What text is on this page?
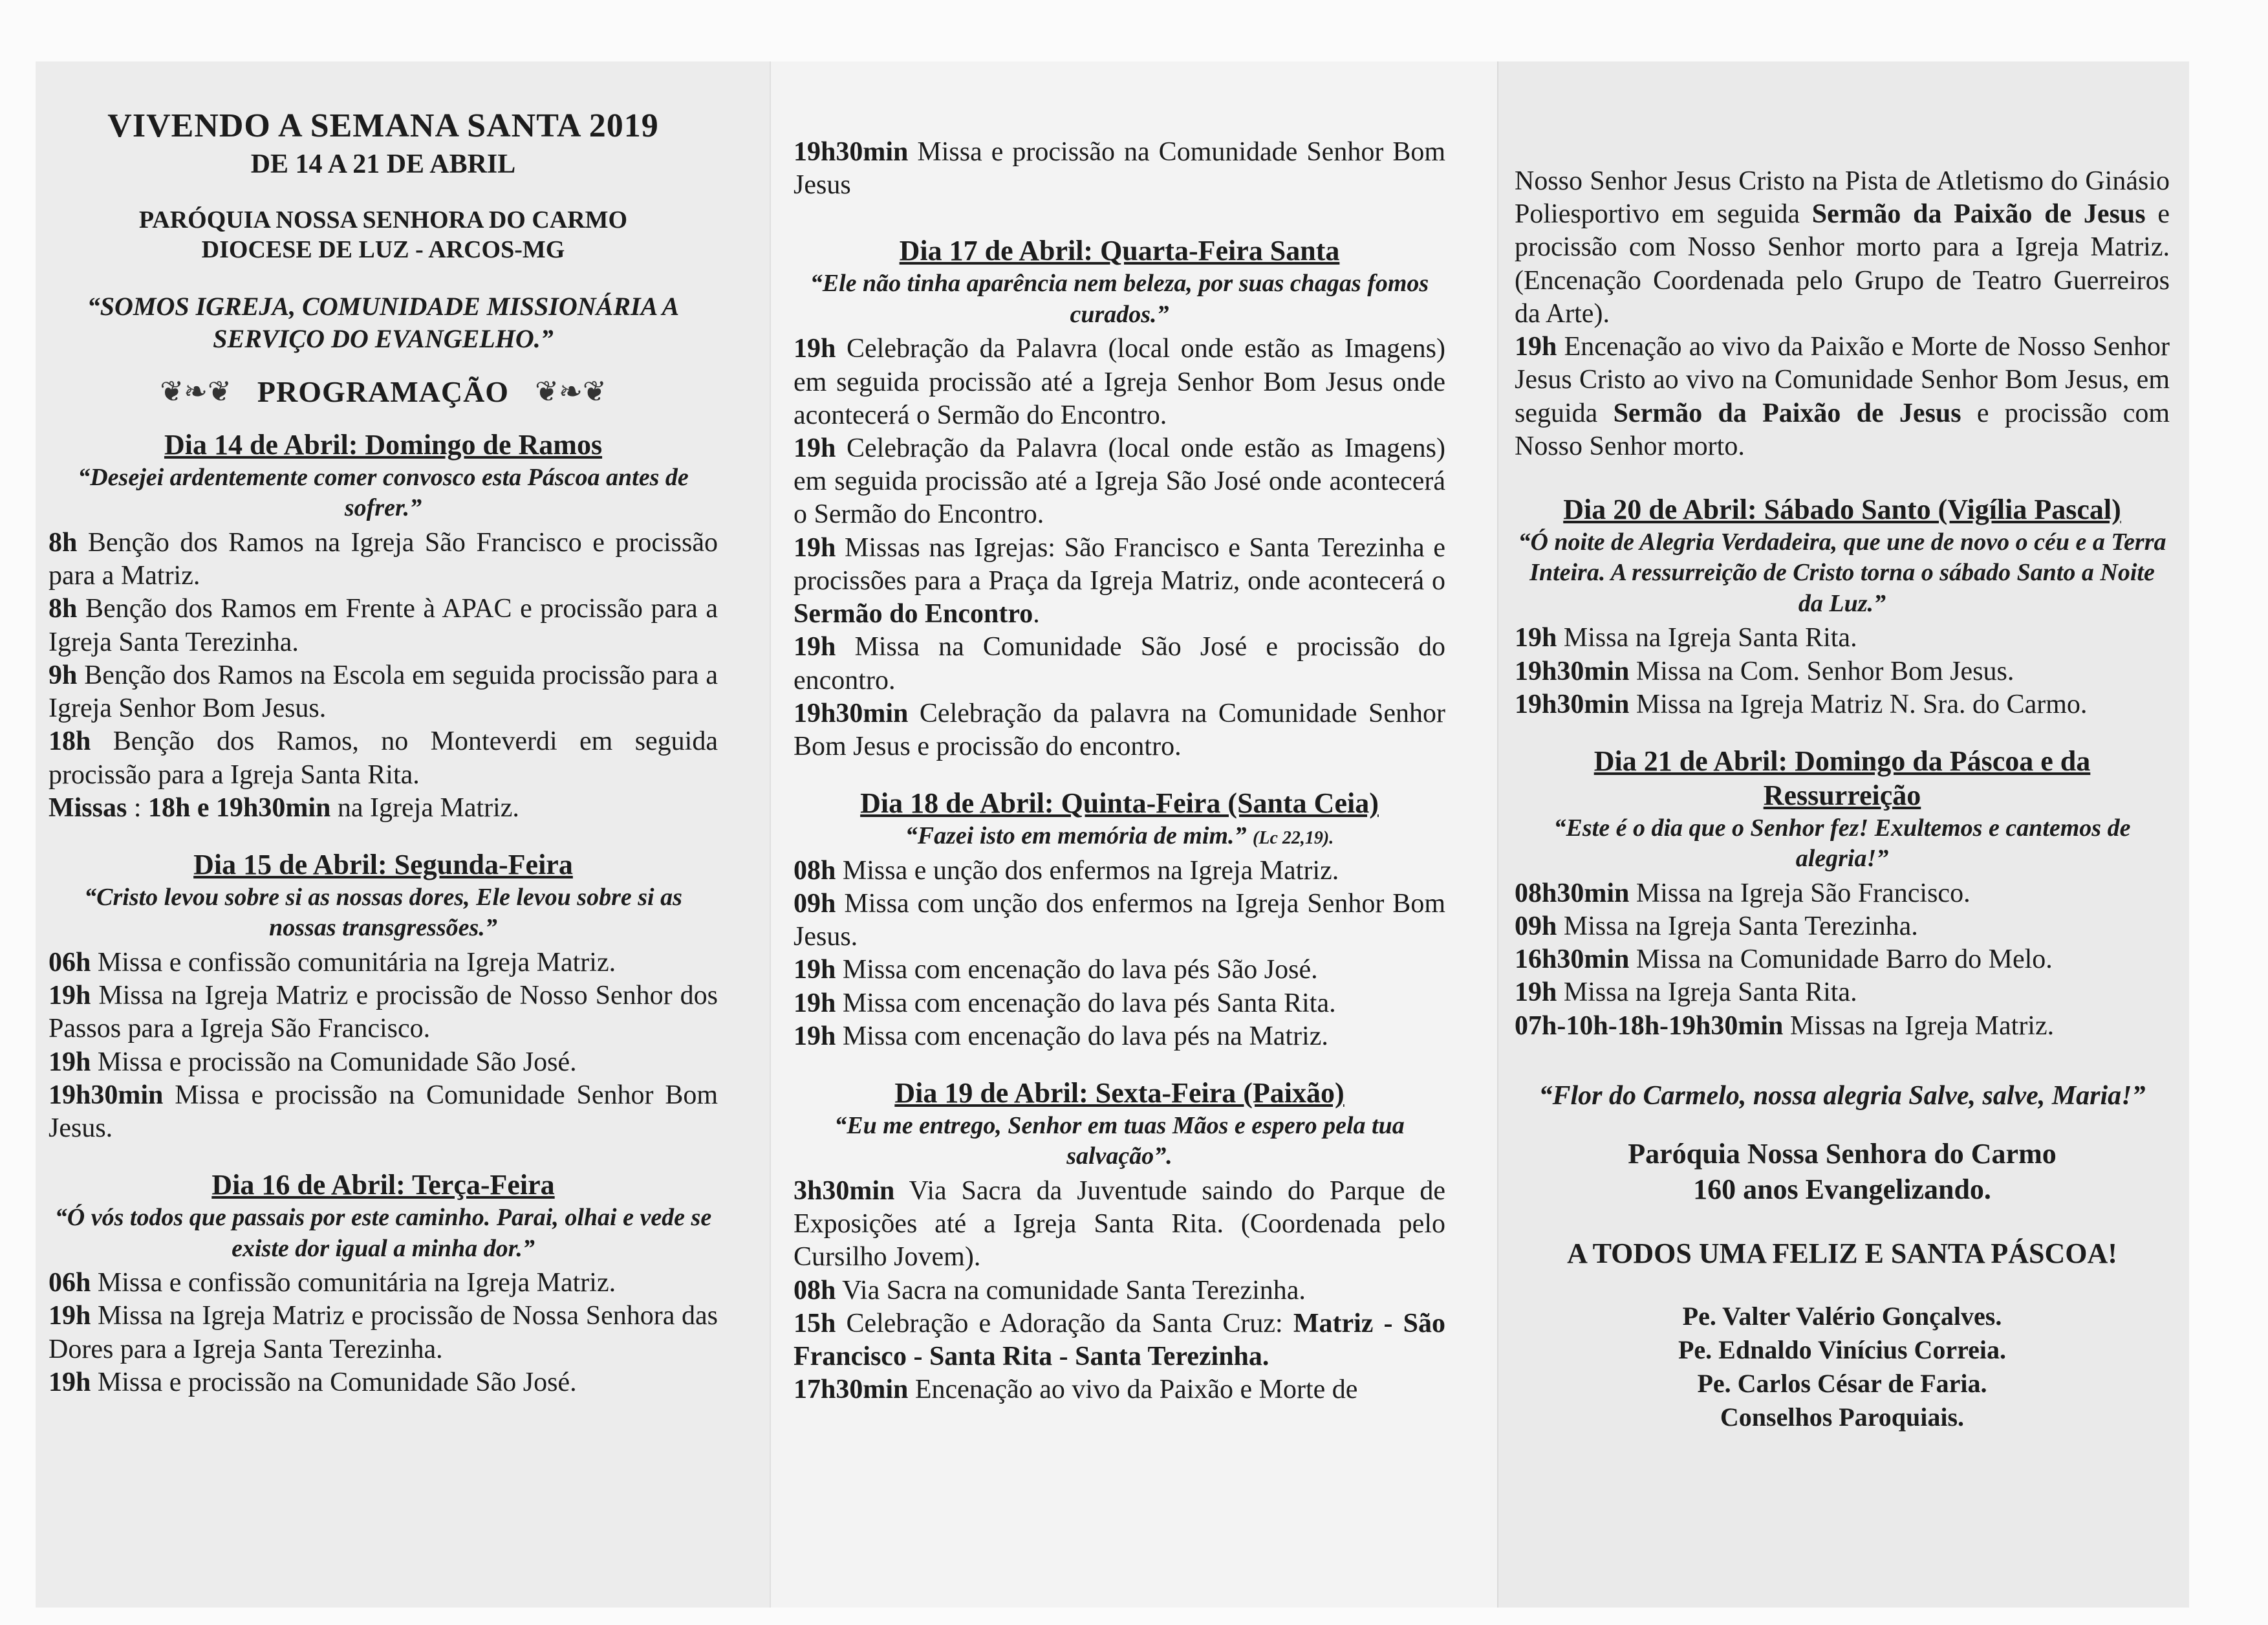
VIVENDO A SEMANA SANTA 2019

DE 14 A 21 DE ABRIL

PARÓQUIA NOSSA SENHORA DO CARMO

DIOCESE DE LUZ - ARCOS-MG

“SOMOS IGREJA, COMUNIDADE MISSIONÁRIA A SERVIÇO DO EVANGELHO.”

❦❧❦ PROGRAMAÇÃO ❦❧❦

Dia 14 de Abril: Domingo de Ramos

“Desejei ardentemente comer convosco esta Páscoa antes de sofrer.”

8h Benção dos Ramos na Igreja São Francisco e procissão para a Matriz.

8h Benção dos Ramos em Frente à APAC e procissão para a Igreja Santa Terezinha.

9h Benção dos Ramos na Escola em seguida procissão para a Igreja Senhor Bom Jesus.

18h Benção dos Ramos, no Monteverdi em seguida procissão para a Igreja Santa Rita.

Missas : 18h e 19h30min na Igreja Matriz.

Dia 15 de Abril: Segunda-Feira

“Cristo levou sobre si as nossas dores, Ele levou sobre si as nossas transgressões.”

06h Missa e confissão comunitária na Igreja Matriz.

19h Missa na Igreja Matriz e procissão de Nosso Senhor dos Passos para a Igreja São Francisco.

19h Missa e procissão na Comunidade São José.

19h30min Missa e procissão na Comunidade Senhor Bom Jesus.

Dia 16 de Abril: Terça-Feira

“Ó vós todos que passais por este caminho. Parai, olhai e vede se existe dor igual a minha dor.”

06h Missa e confissão comunitária na Igreja Matriz.

19h Missa na Igreja Matriz e procissão de Nossa Senhora das Dores para a Igreja Santa Terezinha.

19h Missa e procissão na Comunidade São José.

19h30min Missa e procissão na Comunidade Senhor Bom Jesus

Dia 17 de Abril: Quarta-Feira Santa

“Ele não tinha aparência nem beleza, por suas chagas fomos curados.”

19h Celebração da Palavra (local onde estão as Imagens) em seguida procissão até a Igreja Senhor Bom Jesus onde acontecerá o Sermão do Encontro.

19h Celebração da Palavra (local onde estão as Imagens) em seguida procissão até a Igreja São José onde acontecerá o Sermão do Encontro.

19h Missas nas Igrejas: São Francisco e Santa Terezinha e procissões para a Praça da Igreja Matriz, onde acontecerá o Sermão do Encontro.

19h Missa na Comunidade São José e procissão do encontro.

19h30min Celebração da palavra na Comunidade Senhor Bom Jesus e procissão do encontro.

Dia 18 de Abril: Quinta-Feira (Santa Ceia)

“Fazei isto em memória de mim.” (Lc 22,19).

08h Missa e unção dos enfermos na Igreja Matriz.

09h Missa com unção dos enfermos na Igreja Senhor Bom Jesus.

19h Missa com encenação do lava pés São José.

19h Missa com encenação do lava pés Santa Rita.

19h Missa com encenação do lava pés na Matriz.

Dia 19 de Abril: Sexta-Feira (Paixão)

“Eu me entrego, Senhor em tuas Mãos e espero pela tua salvação”.

3h30min Via Sacra da Juventude saindo do Parque de Exposições até a Igreja Santa Rita. (Coordenada pelo Cursilho Jovem).

08h Via Sacra na comunidade Santa Terezinha.

15h Celebração e Adoração da Santa Cruz: Matriz - São Francisco - Santa Rita - Santa Terezinha.

17h30min Encenação ao vivo da Paixão e Morte de

Nosso Senhor Jesus Cristo na Pista de Atletismo do Ginásio Poliesportivo em seguida Sermão da Paixão de Jesus e procissão com Nosso Senhor morto para a Igreja Matriz. (Encenação Coordenada pelo Grupo de Teatro Guerreiros da Arte).

19h Encenação ao vivo da Paixão e Morte de Nosso Senhor Jesus Cristo ao vivo na Comunidade Senhor Bom Jesus, em seguida Sermão da Paixão de Jesus e procissão com Nosso Senhor morto.

Dia 20 de Abril: Sábado Santo (Vigília Pascal)

“Ó noite de Alegria Verdadeira, que une de novo o céu e a Terra Inteira. A ressurreição de Cristo torna o sábado Santo a Noite da Luz.”

19h Missa na Igreja Santa Rita.

19h30min Missa na Com. Senhor Bom Jesus.

19h30min Missa na Igreja Matriz N. Sra. do Carmo.

Dia 21 de Abril: Domingo da Páscoa e da Ressurreição

“Este é o dia que o Senhor fez! Exultemos e cantemos de alegria!”

08h30min Missa na Igreja São Francisco.

09h Missa na Igreja Santa Terezinha.

16h30min Missa na Comunidade Barro do Melo.

19h Missa na Igreja Santa Rita.

07h-10h-18h-19h30min Missas na Igreja Matriz.

“Flor do Carmelo, nossa alegria Salve, salve, Maria!”

Paróquia Nossa Senhora do Carmo
160 anos Evangelizando.

A TODOS UMA FELIZ E SANTA PÁSCOA!

Pe. Valter Valério Gonçalves.

Pe. Ednaldo Vinícius Correia.

Pe. Carlos César de Faria.

Conselhos Paroquiais.
